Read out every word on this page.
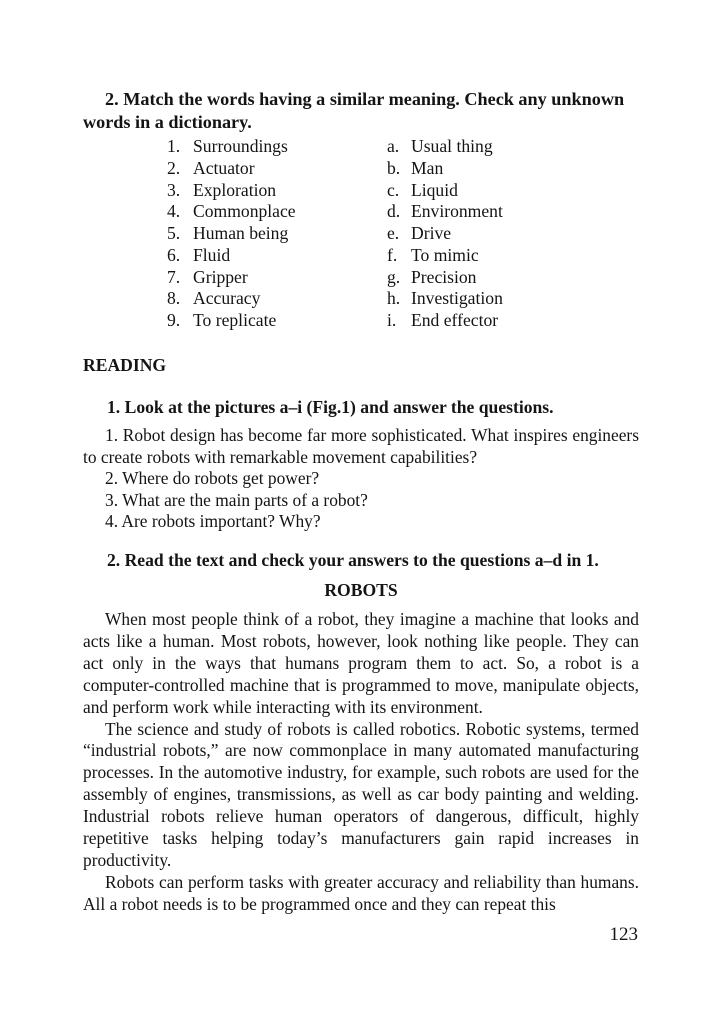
2. Match the words having a similar meaning. Check any unknown words in a dictionary.

1. Surroundings
2. Actuator
3. Exploration
4. Commonplace
5. Human being
6. Fluid
7. Gripper
8. Accuracy
9. To replicate
a. Usual thing
b. Man
c. Liquid
d. Environment
e. Drive
f. To mimic
g. Precision
h. Investigation
i. End effector

READING

1. Look at the pictures a–i (Fig.1) and answer the questions.

1. Robot design has become far more sophisticated. What inspires engineers to create robots with remarkable movement capabilities?

2. Where do robots get power?

3. What are the main parts of a robot?

4. Are robots important? Why?

2. Read the text and check your answers to the questions a–d in 1.

ROBOTS

When most people think of a robot, they imagine a machine that looks and acts like a human. Most robots, however, look nothing like people. They can act only in the ways that humans program them to act. So, a robot is a computer-controlled machine that is programmed to move, manipulate objects, and perform work while interacting with its environment.

The science and study of robots is called robotics. Robotic systems, termed “industrial robots,” are now commonplace in many automated manufacturing processes. In the automotive industry, for example, such robots are used for the assembly of engines, transmissions, as well as car body painting and welding. Industrial robots relieve human operators of dangerous, difficult, highly repetitive tasks helping today’s manufacturers gain rapid increases in productivity.

Robots can perform tasks with greater accuracy and reliability than humans. All a robot needs is to be programmed once and they can repeat this

123
